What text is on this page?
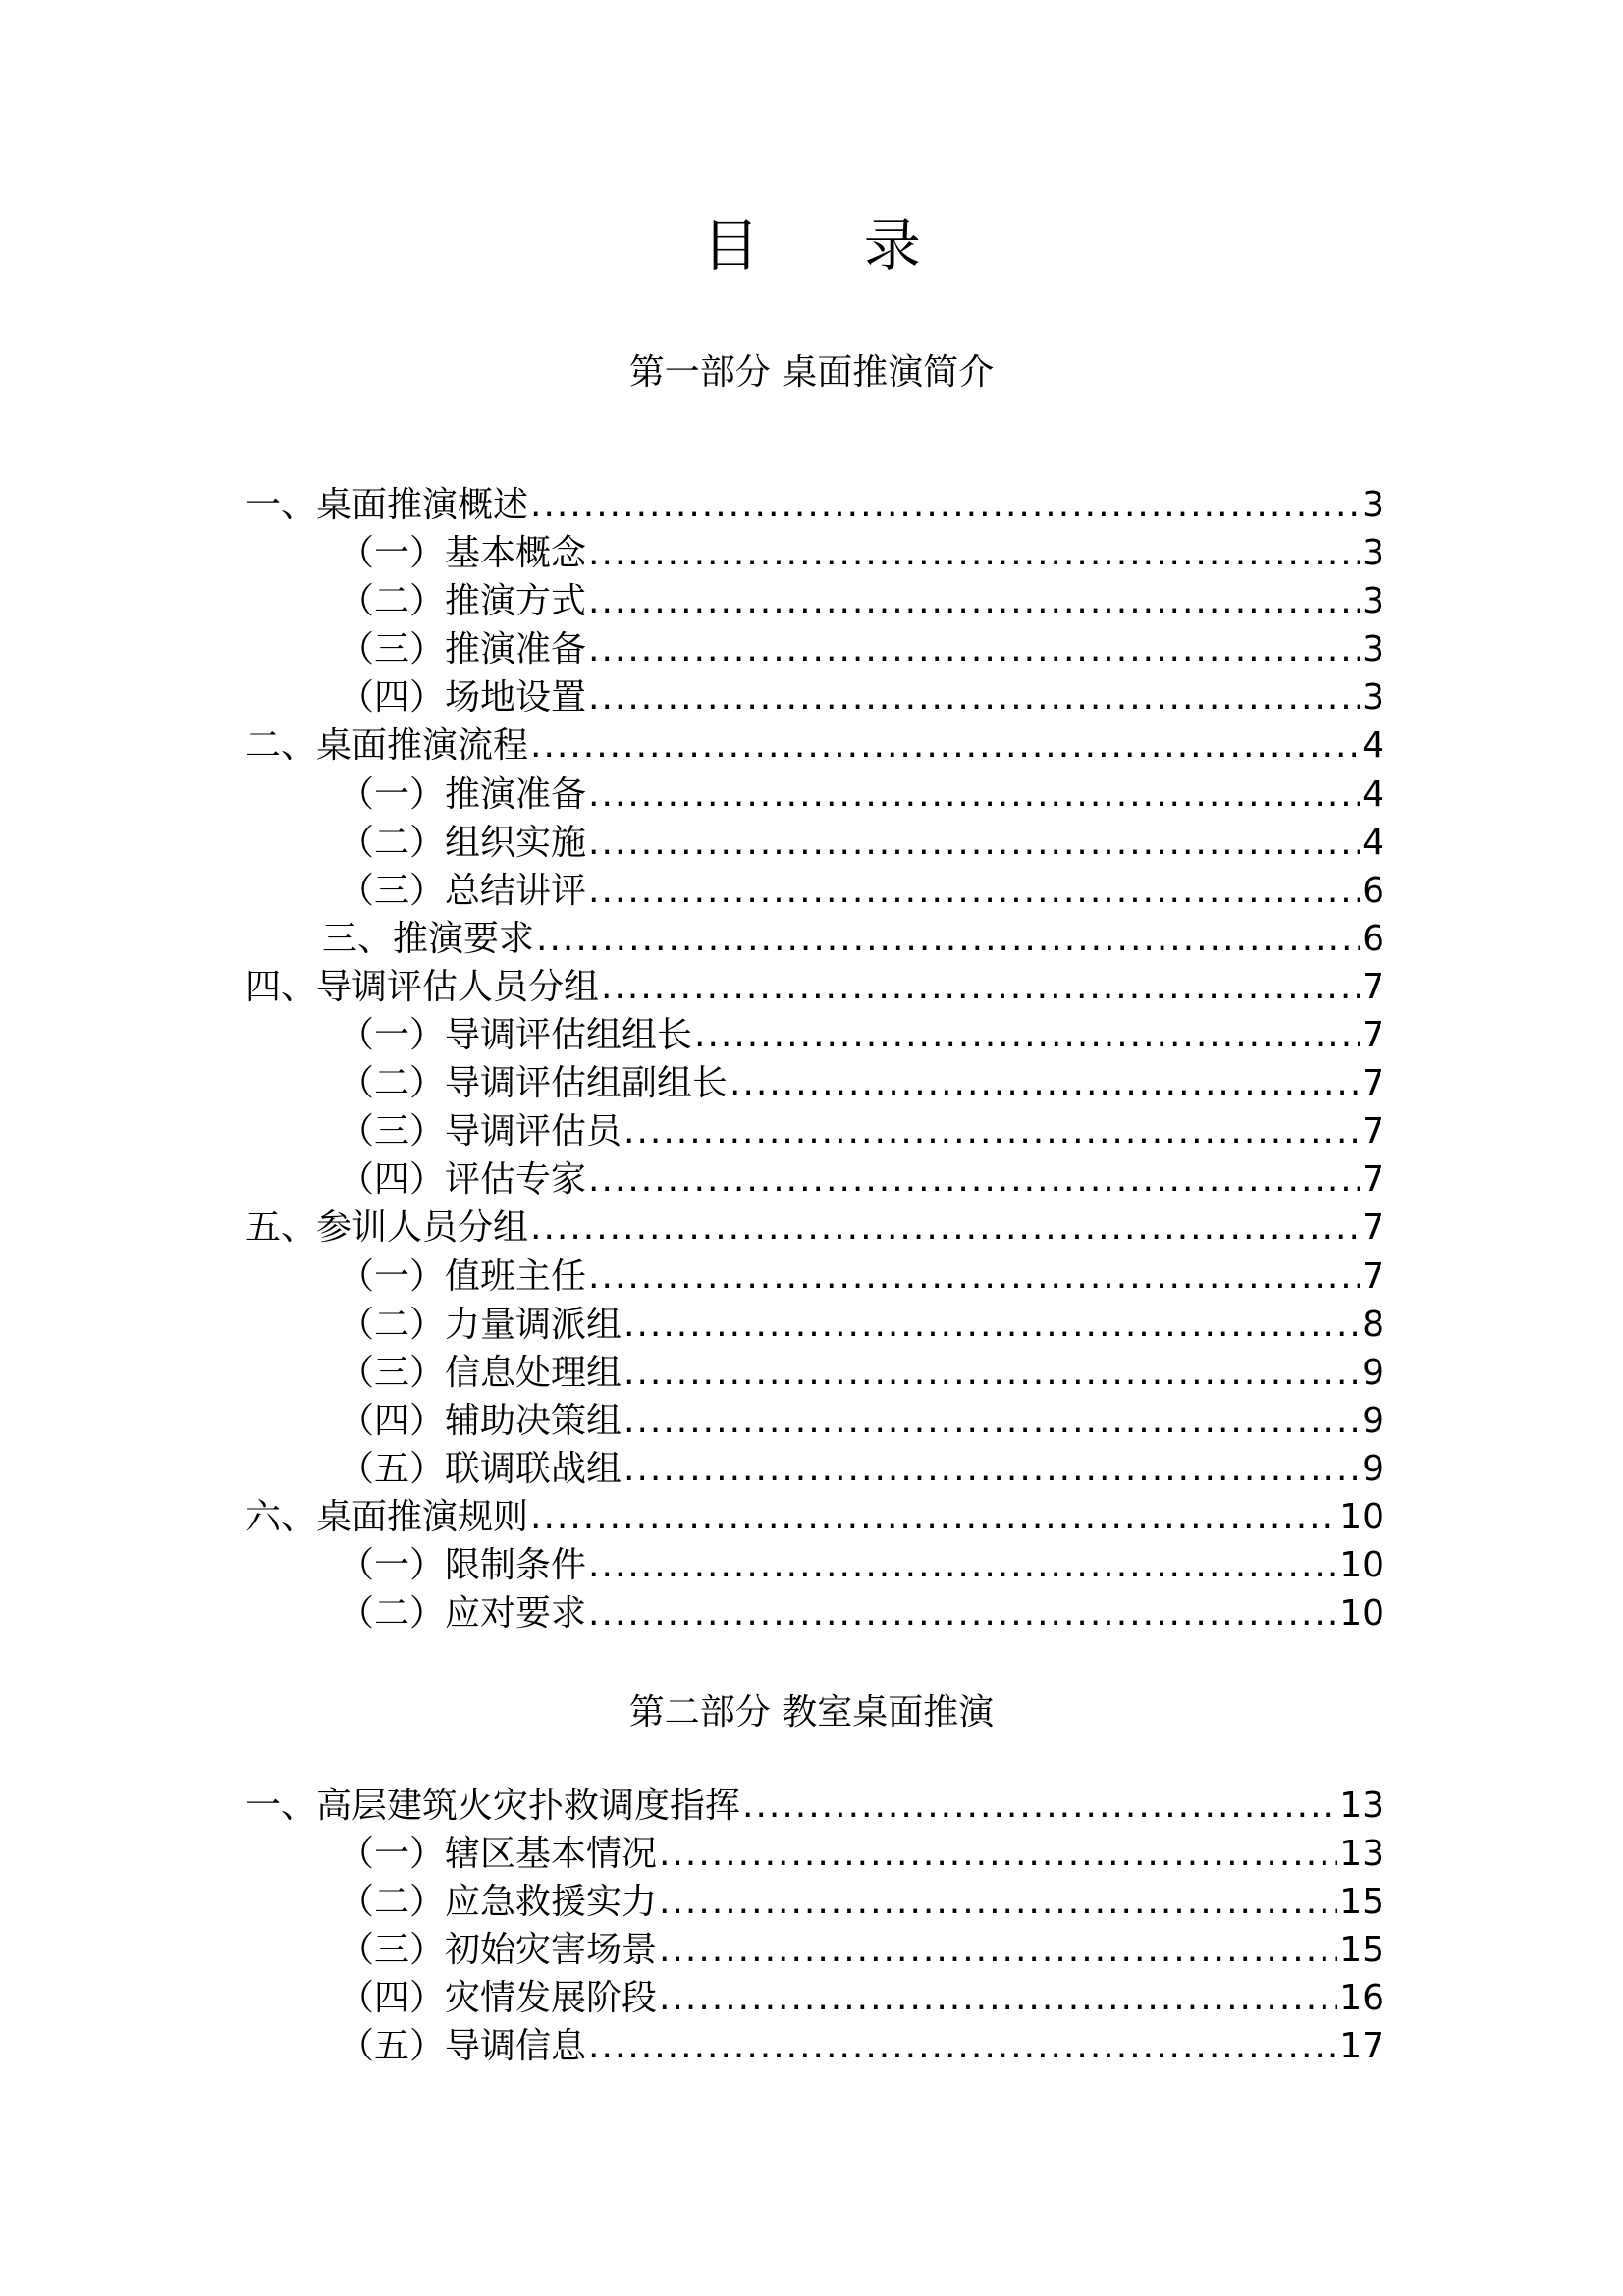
目 录
第一部分 桌面推演简介
一、桌面推演概述 .....	3
（一）基本概念 .....	3
（二）推演方式 .....	3
（三）推演准备 .....	3
（四）场地设置 .....	3
二、桌面推演流程 .....	4
（一）推演准备 .....	4
（二）组织实施 .....	4
（三）总结讲评 .....	6
三、推演要求 .....	6
四、导调评估人员分组 .....	7
（一）导调评估组组长 .....	7
（二）导调评估组副组长 .....	7
（三）导调评估员 .....	7
（四）评估专家 .....	7
五、参训人员分组 .....	7
（一）值班主任 .....	7
（二）力量调派组 .....	8
（三）信息处理组 .....	9
（四）辅助决策组 .....	9
（五）联调联战组 .....	9
六、桌面推演规则 .....	10
（一）限制条件 .....	10
（二）应对要求 .....	10
第二部分 教室桌面推演
一、高层建筑火灾扑救调度指挥 .....	13
（一）辖区基本情况 .....	13
（二）应急救援实力 .....	15
（三）初始灾害场景 .....	15
（四）灾情发展阶段 .....	16
（五）导调信息 .....	17
